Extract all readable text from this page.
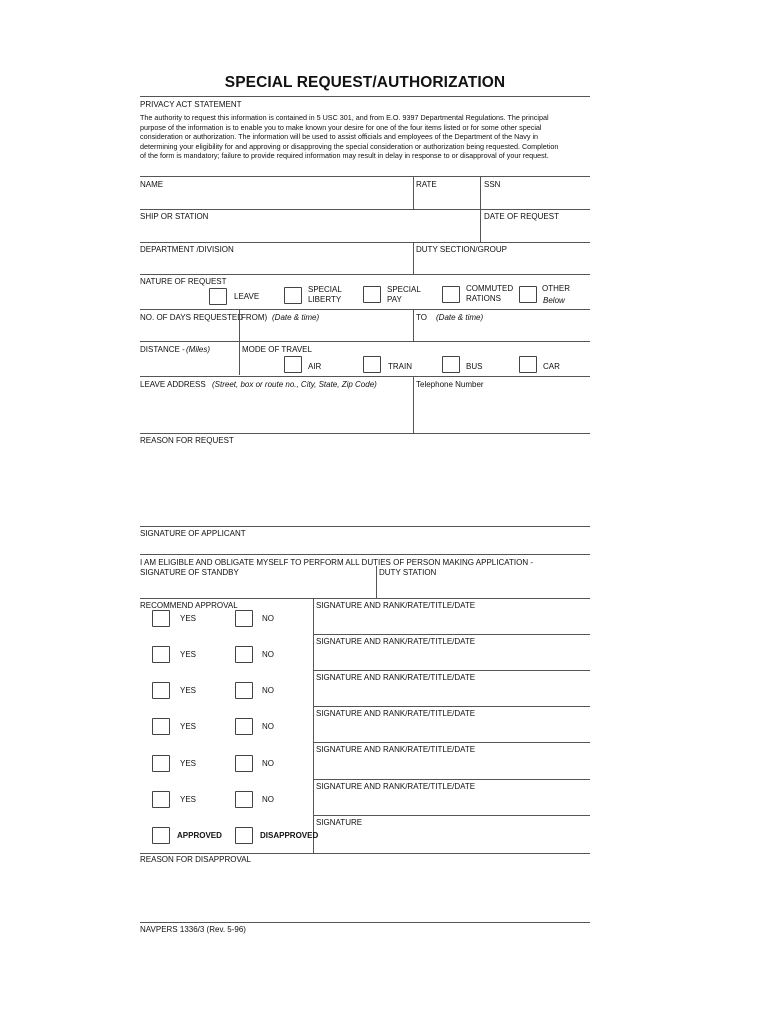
SPECIAL REQUEST/AUTHORIZATION
PRIVACY ACT STATEMENT
The authority to request this information is contained in 5 USC 301, and from E.O. 9397 Departmental Regulations. The principal
purpose of the information is to enable you to make known your desire for one of the four items listed or for some other special
consideration or authorization. The information will be used to assist officials and employees of the Department of the Navy in
determining your eligibility for and approving or disapproving the special consideration or authorization being requested. Completion
of the form is mandatory; failure to provide required information may result in delay in response to or disapproval of your request.
NAME	RATE	SSN
SHIP OR STATION	DATE OF REQUEST
DEPARTMENT /DIVISION	DUTY SECTION/GROUP
NATURE OF REQUEST
LEAVE
SPECIAL
LIBERTY
SPECIAL
PAY
COMMUTED
RATIONS
OTHER
Below
NO. OF DAYS REQUESTED
FROM) (Date & time)	TO (Date & time)
DISTANCE - (Miles)	MODE OF TRAVEL
AIR	TRAIN	BUS	CAR
LEAVE ADDRESS (Street, box or route no., City, State, Zip Code)	Telephone Number
REASON FOR REQUEST
SIGNATURE OF APPLICANT
I AM ELIGIBLE AND OBLIGATE MYSELF TO PERFORM ALL DUTIES OF PERSON MAKING APPLICATION -
SIGNATURE OF STANDBY	DUTY STATION
RECOMMEND APPROVAL	SIGNATURE AND RANK/RATE/TITLE/DATE
YES	NO
SIGNATURE AND RANK/RATE/TITLE/DATE
YES	NO
SIGNATURE AND RANK/RATE/TITLE/DATE
YES	NO
SIGNATURE AND RANK/RATE/TITLE/DATE
YES	NO
SIGNATURE AND RANK/RATE/TITLE/DATE
YES	NO
SIGNATURE AND RANK/RATE/TITLE/DATE
YES	NO
SIGNATURE
APPROVED	DISAPPROVED
REASON FOR DISAPPROVAL
NAVPERS 1336/3 (Rev. 5-96)
